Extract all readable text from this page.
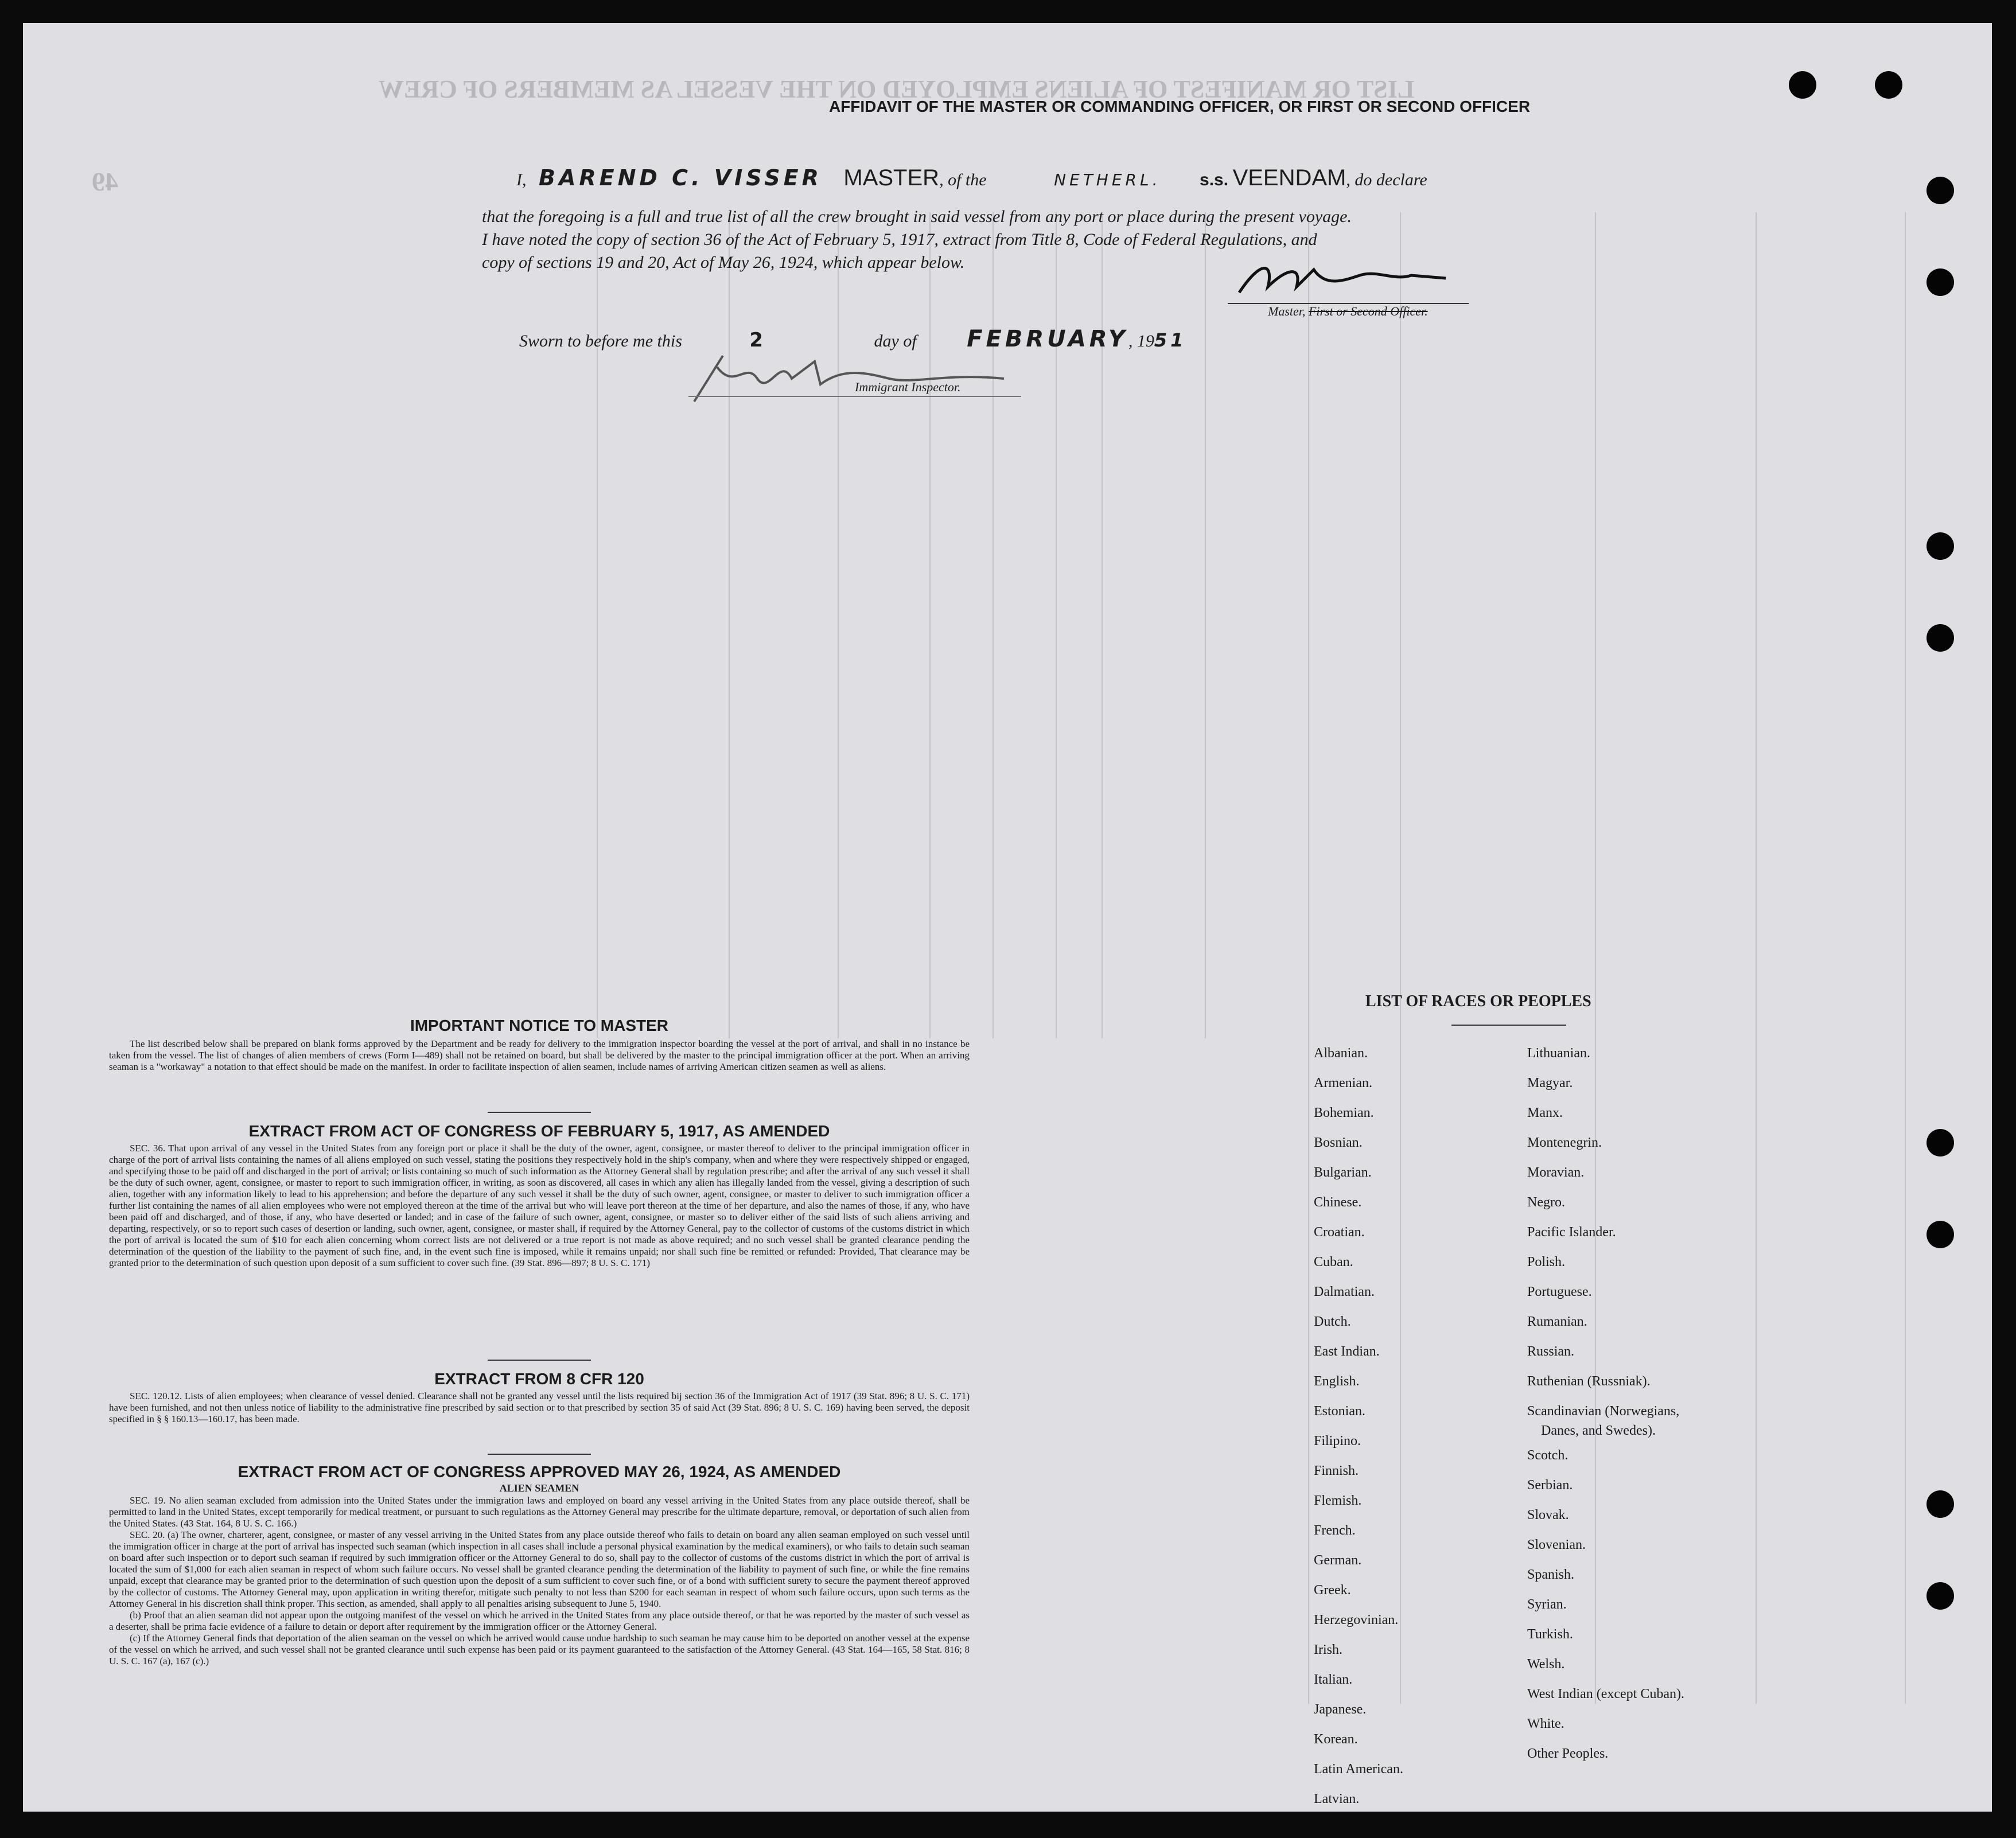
LIST OR MANIFEST OF ALIENS EMPLOYED ON THE VESSEL AS MEMBERS OF CREW
49
AFFIDAVIT OF THE MASTER OR COMMANDING OFFICER, OR FIRST OR SECOND OFFICER
I, BAREND C. VISSER MASTER, of the	NETHERL. s.s. VEENDAM, do declare
that the foregoing is a full and true list of all the crew brought in said vessel from any port or place during the present voyage.
I have noted the copy of section 36 of the Act of February 5, 1917, extract from Title 8, Code of Federal Regulations, and
copy of sections 19 and 20, Act of May 26, 1924, which appear below.
Master, First or Second Officer.
Sworn to before me this	2	day of FEBRUARY, 1951
Immigrant Inspector.
IMPORTANT NOTICE TO MASTER

The list described below shall be prepared on blank forms approved by the Department and be ready for delivery to the immigration inspector boarding the vessel at the port of arrival, and shall in no instance be taken from the vessel. The list of changes of alien members of crews (Form I—489) shall not be retained on board, but shall be delivered by the master to the principal immigration officer at the port. When an arriving seaman is a "workaway" a notation to that effect should be made on the manifest. In order to facilitate inspection of alien seamen, include names of arriving American citizen seamen as well as aliens.

EXTRACT FROM ACT OF CONGRESS OF FEBRUARY 5, 1917, AS AMENDED

SEC. 36. That upon arrival of any vessel in the United States from any foreign port or place it shall be the duty of the owner, agent, consignee, or master thereof to deliver to the principal immigration officer in charge of the port of arrival lists containing the names of all aliens employed on such vessel, stating the positions they respectively hold in the ship's company, when and where they were respectively shipped or engaged, and specifying those to be paid off and discharged in the port of arrival; or lists containing so much of such information as the Attorney General shall by regulation prescribe; and after the arrival of any such vessel it shall be the duty of such owner, agent, consignee, or master to report to such immigration officer, in writing, as soon as discovered, all cases in which any alien has illegally landed from the vessel, giving a description of such alien, together with any information likely to lead to his apprehension; and before the departure of any such vessel it shall be the duty of such owner, agent, consignee, or master to deliver to such immigration officer a further list containing the names of all alien employees who were not employed thereon at the time of the arrival but who will leave port thereon at the time of her departure, and also the names of those, if any, who have been paid off and discharged, and of those, if any, who have deserted or landed; and in case of the failure of such owner, agent, consignee, or master so to deliver either of the said lists of such aliens arriving and departing, respectively, or so to report such cases of desertion or landing, such owner, agent, consignee, or master shall, if required by the Attorney General, pay to the collector of customs of the customs district in which the port of arrival is located the sum of $10 for each alien concerning whom correct lists are not delivered or a true report is not made as above required; and no such vessel shall be granted clearance pending the determination of the question of the liability to the payment of such fine, and, in the event such fine is imposed, while it remains unpaid; nor shall such fine be remitted or refunded: Provided, That clearance may be granted prior to the determination of such question upon deposit of a sum sufficient to cover such fine. (39 Stat. 896—897; 8 U. S. C. 171)

EXTRACT FROM 8 CFR 120

SEC. 120.12. Lists of alien employees; when clearance of vessel denied. Clearance shall not be granted any vessel until the lists required bij section 36 of the Immigration Act of 1917 (39 Stat. 896; 8 U. S. C. 171) have been furnished, and not then unless notice of liability to the administrative fine prescribed by said section or to that prescribed by section 35 of said Act (39 Stat. 896; 8 U. S. C. 169) having been served, the deposit specified in § § 160.13—160.17, has been made.

EXTRACT FROM ACT OF CONGRESS APPROVED MAY 26, 1924, AS AMENDED
ALIEN SEAMEN

SEC. 19. No alien seaman excluded from admission into the United States under the immigration laws and employed on board any vessel arriving in the United States from any place outside thereof, shall be permitted to land in the United States, except temporarily for medical treatment, or pursuant to such regulations as the Attorney General may prescribe for the ultimate departure, removal, or deportation of such alien from the United States. (43 Stat. 164, 8 U. S. C. 166.)

SEC. 20. (a) The owner, charterer, agent, consignee, or master of any vessel arriving in the United States from any place outside thereof who fails to detain on board any alien seaman employed on such vessel until the immigration officer in charge at the port of arrival has inspected such seaman (which inspection in all cases shall include a personal physical examination by the medical examiners), or who fails to detain such seaman on board after such inspection or to deport such seaman if required by such immigration officer or the Attorney General to do so, shall pay to the collector of customs of the customs district in which the port of arrival is located the sum of $1,000 for each alien seaman in respect of whom such failure occurs. No vessel shall be granted clearance pending the determination of the liability to payment of such fine, or while the fine remains unpaid, except that clearance may be granted prior to the determination of such question upon the deposit of a sum sufficient to cover such fine, or of a bond with sufficient surety to secure the payment thereof approved by the collector of customs. The Attorney General may, upon application in writing therefor, mitigate such penalty to not less than $200 for each seaman in respect of whom such failure occurs, upon such terms as the Attorney General in his discretion shall think proper. This section, as amended, shall apply to all penalties arising subsequent to June 5, 1940.

(b) Proof that an alien seaman did not appear upon the outgoing manifest of the vessel on which he arrived in the United States from any place outside thereof, or that he was reported by the master of such vessel as a deserter, shall be prima facie evidence of a failure to detain or deport after requirement by the immigration officer or the Attorney General.

(c) If the Attorney General finds that deportation of the alien seaman on the vessel on which he arrived would cause undue hardship to such seaman he may cause him to be deported on another vessel at the expense of the vessel on which he arrived, and such vessel shall not be granted clearance until such expense has been paid or its payment guaranteed to the satisfaction of the Attorney General. (43 Stat. 164—165, 58 Stat. 816; 8 U. S. C. 167 (a), 167 (c).)

LIST OF RACES OR PEOPLES
Albanian.
Armenian.
Bohemian.
Bosnian.
Bulgarian.
Chinese.
Croatian.
Cuban.
Dalmatian.
Dutch.
East Indian.
English.
Estonian.
Filipino.
Finnish.
Flemish.
French.
German.
Greek.
Herzegovinian.
Irish.
Italian.
Japanese.
Korean.
Latin American.
Latvian.
Lithuanian.
Magyar.
Manx.
Montenegrin.
Moravian.
Negro.
Pacific Islander.
Polish.
Portuguese.
Rumanian.
Russian.
Ruthenian (Russniak).
Scandinavian (Norwegians,
Danes, and Swedes).
Scotch.
Serbian.
Slovak.
Slovenian.
Spanish.
Syrian.
Turkish.
Welsh.
West Indian (except Cuban).
White.
Other Peoples.
